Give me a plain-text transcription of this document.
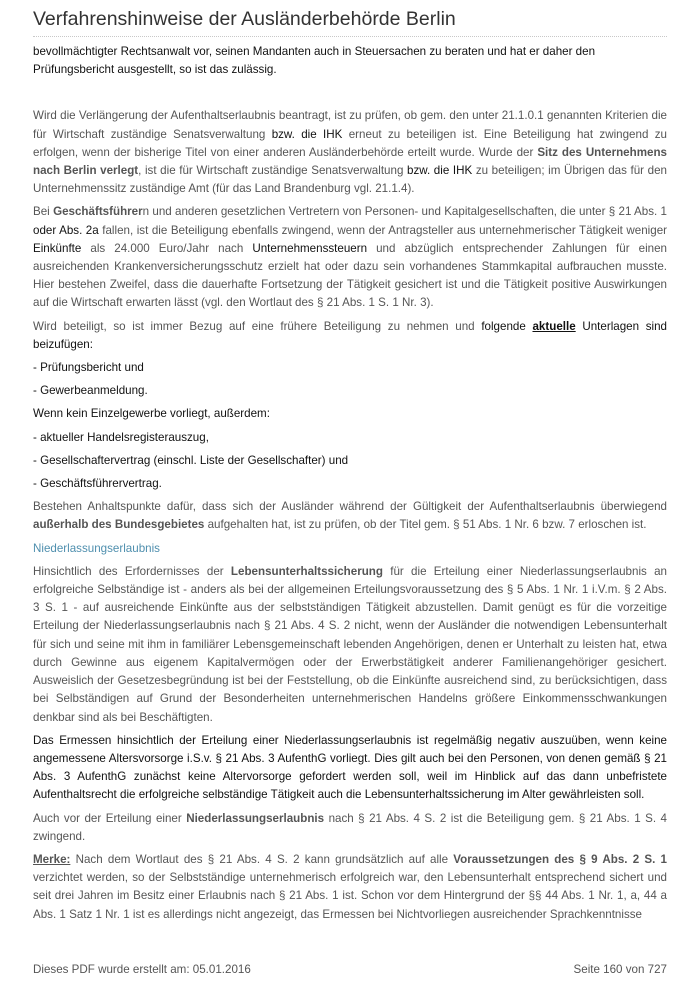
Verfahrenshinweise der Ausländerbehörde Berlin

bevollmächtigter Rechtsanwalt vor, seinen Mandanten auch in Steuersachen zu beraten und hat er daher den
Prüfungsbericht ausgestellt, so ist das zulässig.

Wird die Verlängerung der Aufenthaltserlaubnis beantragt, ist zu prüfen, ob gem. den unter 21.1.0.1 genannten Kriterien die für Wirtschaft zuständige Senatsverwaltung bzw. die IHK erneut zu beteiligen ist. Eine Beteiligung hat zwingend zu erfolgen, wenn der bisherige Titel von einer anderen Ausländerbehörde erteilt wurde. Wurde der Sitz des Unternehmens nach Berlin verlegt, ist die für Wirtschaft zuständige Senatsverwaltung bzw. die IHK zu beteiligen; im Übrigen das für den Unternehmenssitz zuständige Amt (für das Land Brandenburg vgl. 21.1.4).

Bei Geschäftsführern und anderen gesetzlichen Vertretern von Personen- und Kapitalgesellschaften, die unter § 21 Abs. 1 oder Abs. 2a fallen, ist die Beteiligung ebenfalls zwingend, wenn der Antragsteller aus unternehmerischer Tätigkeit weniger Einkünfte als 24.000 Euro/Jahr nach Unternehmenssteuern und abzüglich entsprechender Zahlungen für einen ausreichenden Krankenversicherungsschutz erzielt hat oder dazu sein vorhandenes Stammkapital aufbrauchen musste. Hier bestehen Zweifel, dass die dauerhafte Fortsetzung der Tätigkeit gesichert ist und die Tätigkeit positive Auswirkungen auf die Wirtschaft erwarten lässt (vgl. den Wortlaut des § 21 Abs. 1 S. 1 Nr. 3).

Wird beteiligt, so ist immer Bezug auf eine frühere Beteiligung zu nehmen und folgende aktuelle Unterlagen sind beizufügen:

- Prüfungsbericht und

- Gewerbeanmeldung.

Wenn kein Einzelgewerbe vorliegt, außerdem:

- aktueller Handelsregisterauszug,

- Gesellschaftervertrag (einschl. Liste der Gesellschafter) und

- Geschäftsführervertrag.

Bestehen Anhaltspunkte dafür, dass sich der Ausländer während der Gültigkeit der Aufenthaltserlaubnis überwiegend außerhalb des Bundesgebietes aufgehalten hat, ist zu prüfen, ob der Titel gem. § 51 Abs. 1 Nr. 6 bzw. 7 erloschen ist.

Niederlassungserlaubnis

Hinsichtlich des Erfordernisses der Lebensunterhaltssicherung für die Erteilung einer Niederlassungserlaubnis an erfolgreiche Selbständige ist - anders als bei der allgemeinen Erteilungsvoraussetzung des § 5 Abs. 1 Nr. 1 i.V.m. § 2 Abs. 3 S. 1 - auf ausreichende Einkünfte aus der selbstständigen Tätigkeit abzustellen. Damit genügt es für die vorzeitige Erteilung der Niederlassungserlaubnis nach § 21 Abs. 4 S. 2 nicht, wenn der Ausländer die notwendigen Lebensunterhalt für sich und seine mit ihm in familiärer Lebensgemeinschaft lebenden Angehörigen, denen er Unterhalt zu leisten hat, etwa durch Gewinne aus eigenem Kapitalvermögen oder der Erwerbstätigkeit anderer Familienangehöriger gesichert. Ausweislich der Gesetzesbegründung ist bei der Feststellung, ob die Einkünfte ausreichend sind, zu berücksichtigen, dass bei Selbständigen auf Grund der Besonderheiten unternehmerischen Handelns größere Einkommensschwankungen denkbar sind als bei Beschäftigten.

Das Ermessen hinsichtlich der Erteilung einer Niederlassungserlaubnis ist regelmäßig negativ auszuüben, wenn keine angemessene Altersvorsorge i.S.v. § 21 Abs. 3 AufenthG vorliegt. Dies gilt auch bei den Personen, von denen gemäß § 21 Abs. 3 AufenthG zunächst keine Altervorsorge gefordert werden soll, weil im Hinblick auf das dann unbefristete Aufenthaltsrecht die erfolgreiche selbständige Tätigkeit auch die Lebensunterhaltssicherung im Alter gewährleisten soll.

Auch vor der Erteilung einer Niederlassungserlaubnis nach § 21 Abs. 4 S. 2 ist die Beteiligung gem. § 21 Abs. 1 S. 4 zwingend.

Merke: Nach dem Wortlaut des § 21 Abs. 4 S. 2 kann grundsätzlich auf alle Voraussetzungen des § 9 Abs. 2 S. 1 verzichtet werden, so der Selbstständige unternehmerisch erfolgreich war, den Lebensunterhalt entsprechend sichert und seit drei Jahren im Besitz einer Erlaubnis nach § 21 Abs. 1 ist. Schon vor dem Hintergrund der §§ 44 Abs. 1 Nr. 1, a, 44 a Abs. 1 Satz 1 Nr. 1 ist es allerdings nicht angezeigt, das Ermessen bei Nichtvorliegen ausreichender Sprachkenntnisse

Dieses PDF wurde erstellt am: 05.01.2016	Seite 160 von 727
